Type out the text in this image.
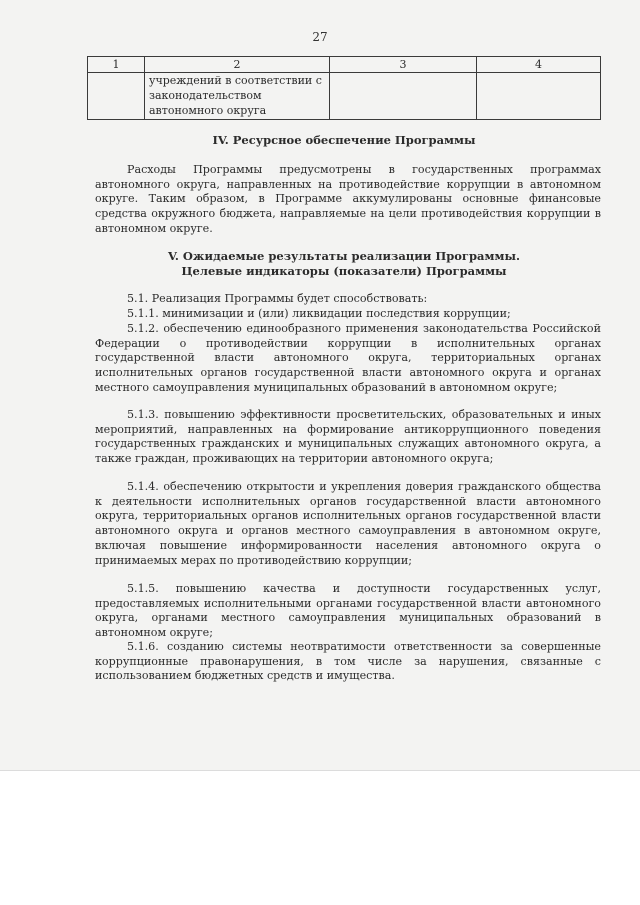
27
1	2	3	4
	учреждений в соответствии с законодательством автономного округа		
IV. Ресурсное обеспечение Программы

Расходы Программы предусмотрены в государственных программах автономного округа, направленных на противодействие коррупции в автономном округе. Таким образом, в Программе аккумулированы основные финансовые средства окружного бюджета, направляемые на цели противодействия коррупции в автономном округе.

V. Ожидаемые результаты реализации Программы.
Целевые индикаторы (показатели) Программы

5.1. Реализация Программы будет способствовать:

5.1.1. минимизации и (или) ликвидации последствия коррупции;

5.1.2. обеспечению единообразного применения законодательства Российской Федерации о противодействии коррупции в исполнительных органах государственной власти автономного округа, территориальных органах исполнительных органов государственной власти автономного округа и органах местного самоуправления муниципальных образований в автономном округе;

5.1.3. повышению эффективности просветительских, образовательных и иных мероприятий, направленных на формирование антикоррупционного поведения государственных гражданских и муниципальных служащих автономного округа, а также граждан, проживающих на территории автономного округа;

5.1.4. обеспечению открытости и укрепления доверия гражданского общества к деятельности исполнительных органов государственной власти автономного округа, территориальных органов исполнительных органов государственной власти автономного округа и органов местного самоуправления в автономном округе, включая повышение информированности населения автономного округа о принимаемых мерах по противодействию коррупции;

5.1.5. повышению качества и доступности государственных услуг, предоставляемых исполнительными органами государственной власти автономного округа, органами местного самоуправления муниципальных образований в автономном округе;

5.1.6. созданию системы неотвратимости ответственности за совершенные коррупционные правонарушения, в том числе за нарушения, связанные с использованием бюджетных средств и имущества.
